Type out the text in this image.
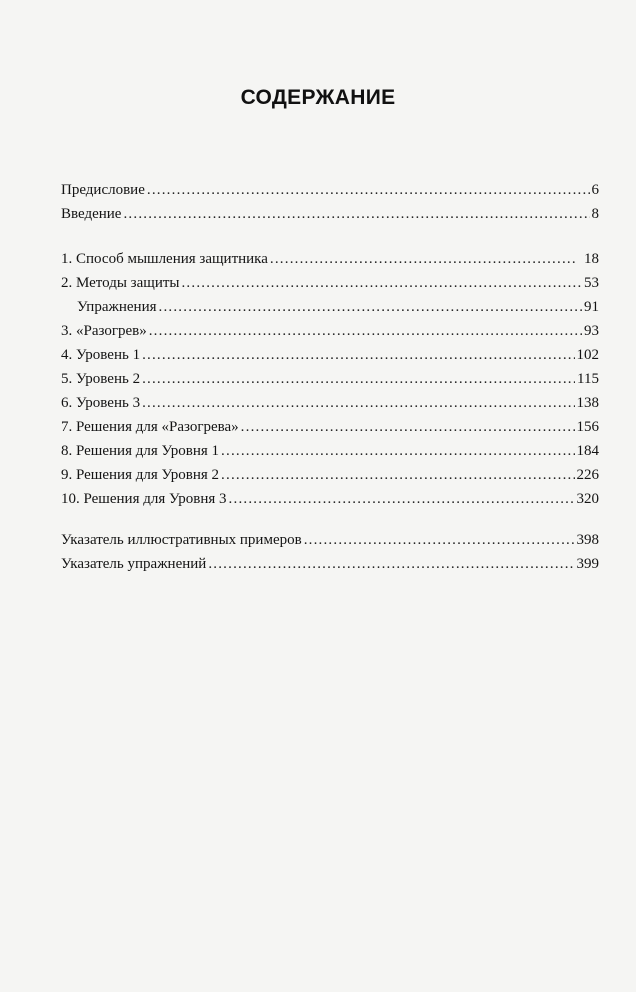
СОДЕРЖАНИЕ
Предисловие .....	6
Введение .....	8
1. Способ мышления защитника .....	18
2. Методы защиты .....	53
Упражнения .....	91
3. «Разогрев» .....	93
4. Уровень 1 .....	102
5. Уровень 2 .....	115
6. Уровень 3 .....	138
7. Решения для «Разогрева» .....	156
8. Решения для Уровня 1 .....	184
9. Решения для Уровня 2 .....	226
10. Решения для Уровня 3 .....	320
Указатель иллюстративных примеров .....	398
Указатель упражнений .....	399
